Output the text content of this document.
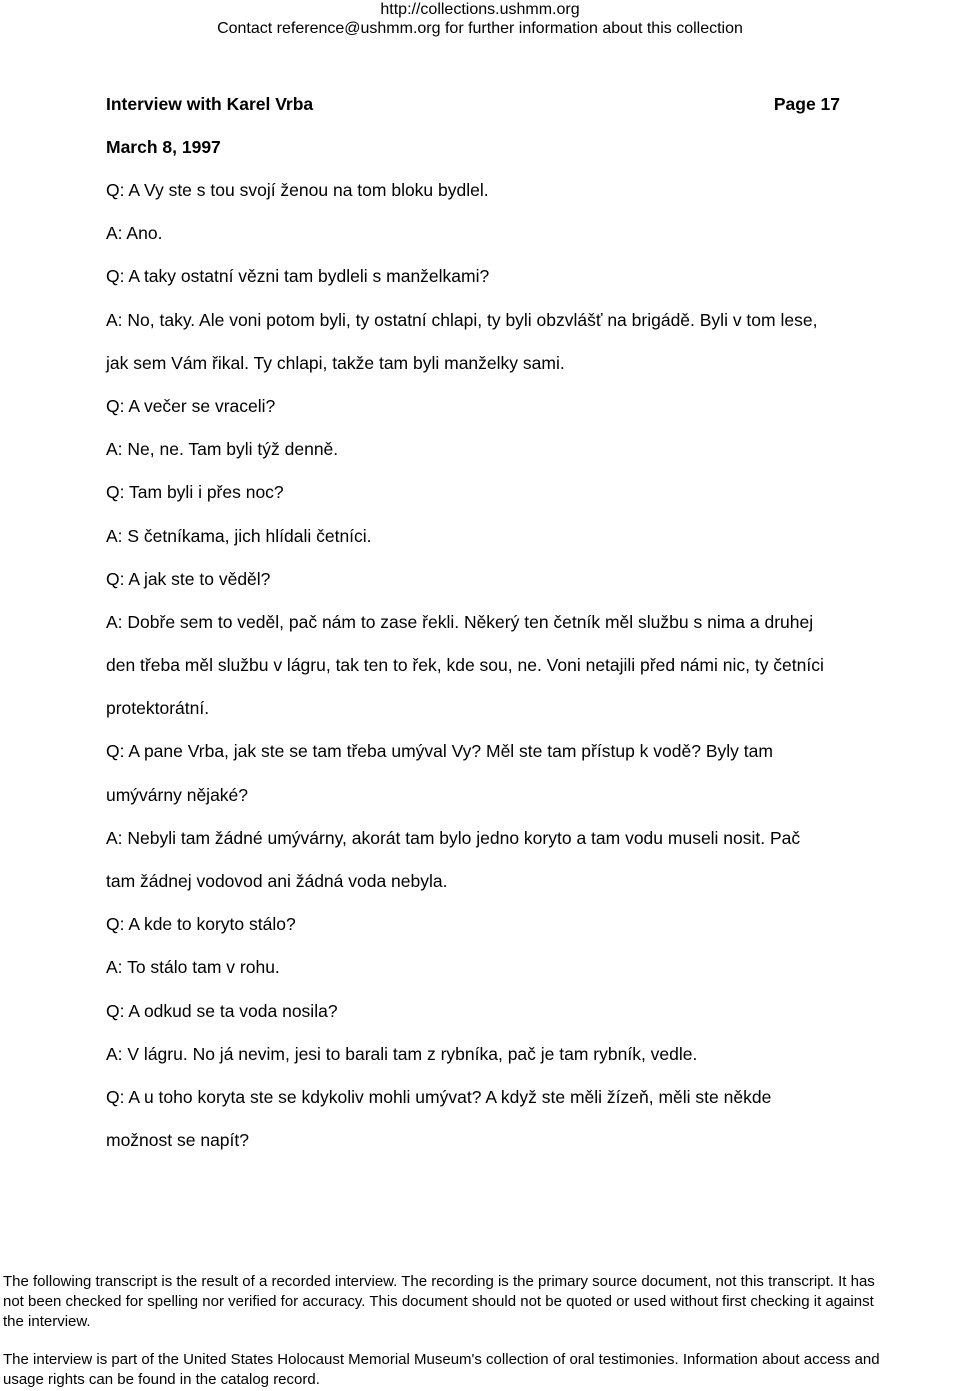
http://collections.ushmm.org
Contact reference@ushmm.org for further information about this collection
Interview with Karel Vrba	Page 17
March 8, 1997
Q: A Vy ste s tou svojí ženou na tom bloku bydlel.
A: Ano.
Q: A taky ostatní vězni tam bydleli s manželkami?
A: No, taky. Ale voni potom byli, ty ostatní chlapi, ty byli obzvlášť na brigádě. Byli v tom lese,
jak sem Vám řikal. Ty chlapi, takže tam byli manželky sami.
Q: A večer se vraceli?
A: Ne, ne. Tam byli týž denně.
Q: Tam byli i přes noc?
A: S četníkama, jich hlídali četníci.
Q: A jak ste to věděl?
A: Dobře sem to veděl, pač nám to zase řekli. Někerý ten četník měl službu s nima a druhej
den třeba měl službu v lágru, tak ten to řek, kde sou, ne. Voni netajili před námi nic, ty četníci
protektorátní.
Q: A pane Vrba, jak ste se tam třeba umýval Vy? Měl ste tam přístup k vodě? Byly tam
umývárny nějaké?
A: Nebyli tam žádné umývárny, akorát tam bylo jedno koryto a tam vodu museli nosit. Pač
tam žádnej vodovod ani žádná voda nebyla.
Q: A kde to koryto stálo?
A: To stálo tam v rohu.
Q: A odkud se ta voda nosila?
A: V lágru. No já nevim, jesi to barali tam z rybníka, pač je tam rybník, vedle.
Q: A u toho koryta ste se kdykoliv mohli umývat? A když ste měli žízeň, měli ste někde
možnost se napít?
The following transcript is the result of a recorded interview. The recording is the primary source document, not this transcript. It has
not been checked for spelling nor verified for accuracy. This document should not be quoted or used without first checking it against
the interview.
The interview is part of the United States Holocaust Memorial Museum's collection of oral testimonies. Information about access and
usage rights can be found in the catalog record.
